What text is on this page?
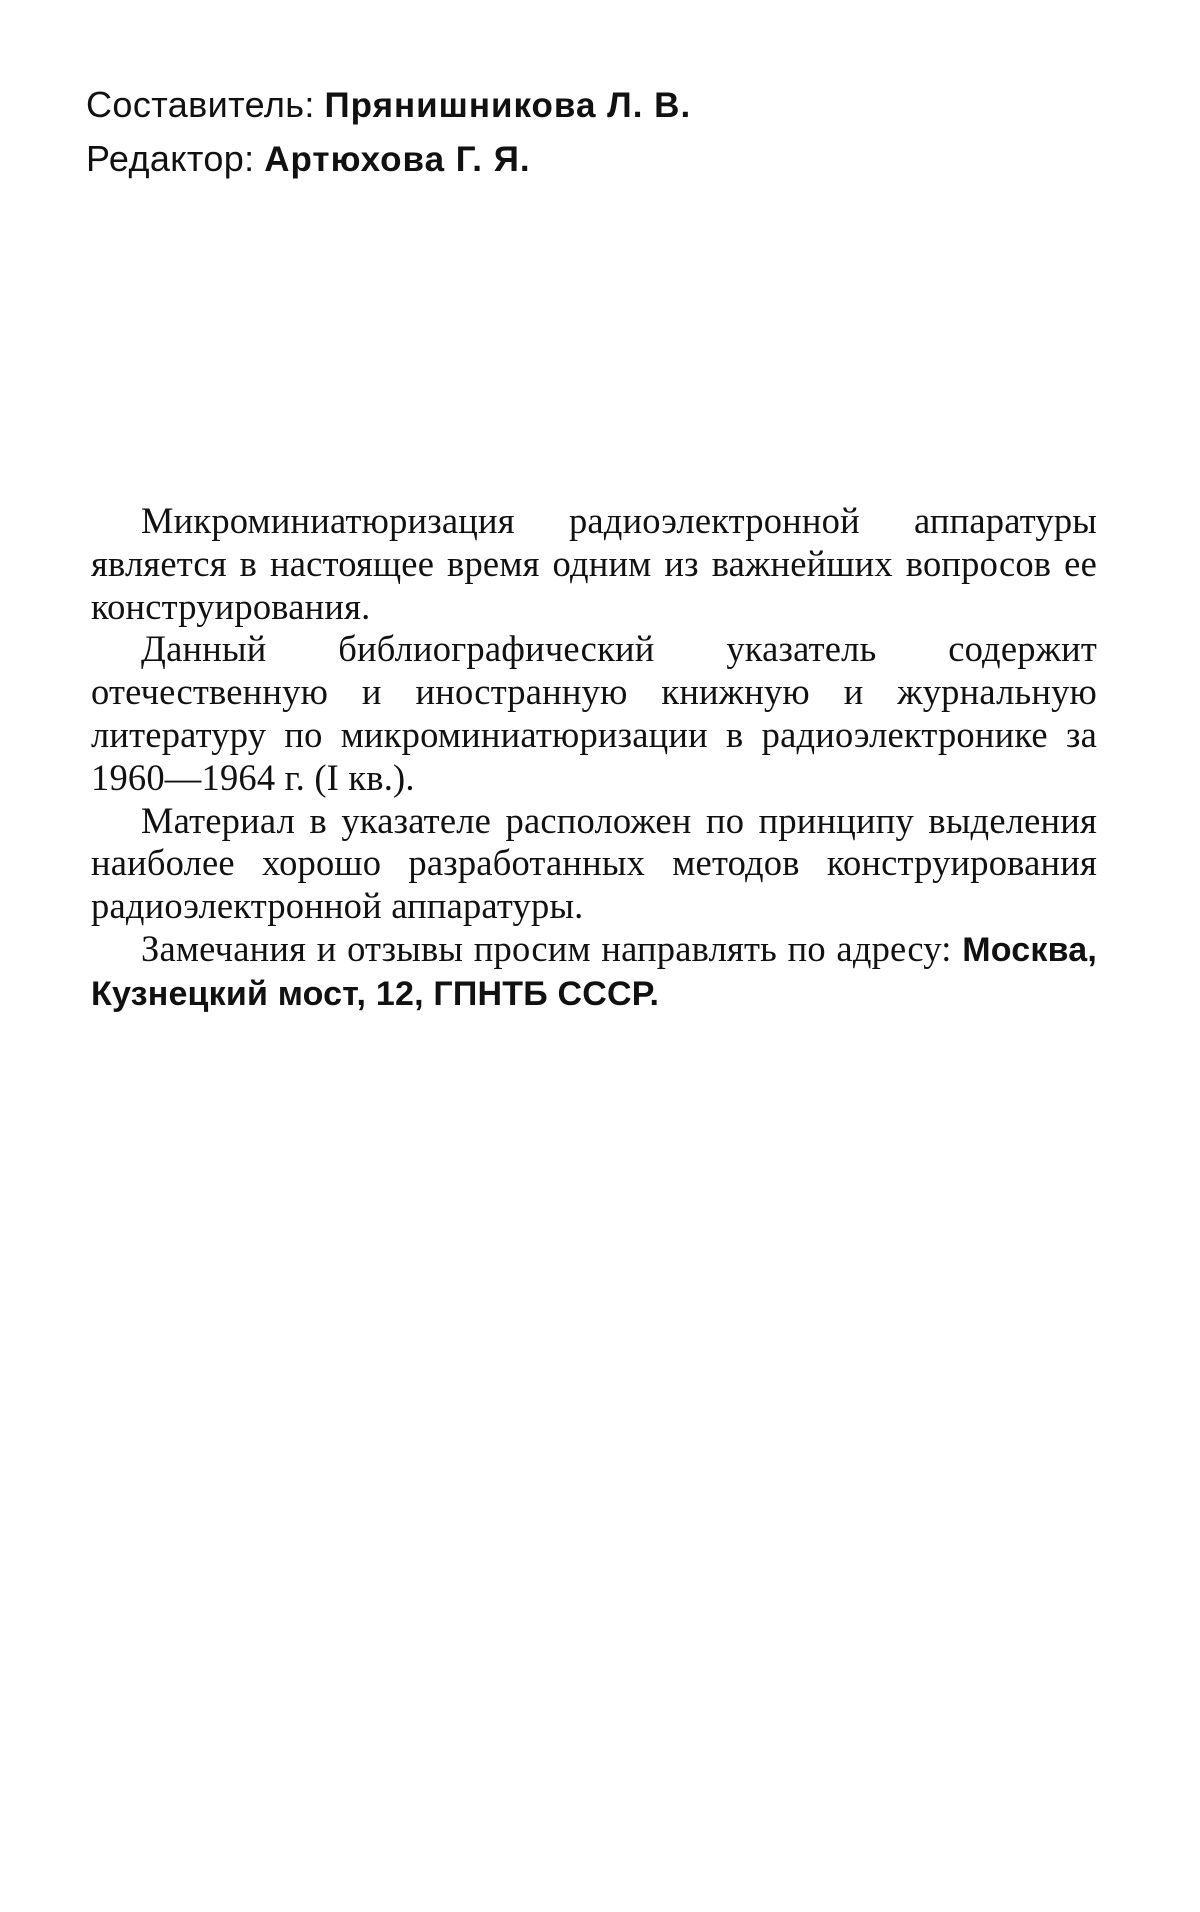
Составитель: Прянишникова Л. В.
Редактор: Артюхова Г. Я.

Микроминиатюризация радиоэлектронной аппаратуры является в настоящее время одним из важнейших вопросов ее конструирования.

Данный библиографический указатель содержит отечественную и иностранную книжную и журнальную литературу по микроминиатюризации в радиоэлектронике за 1960—1964 г. (I кв.).

Материал в указателе расположен по принципу выделения наиболее хорошо разработанных методов конструирования радиоэлектронной аппаратуры.

Замечания и отзывы просим направлять по адресу: Москва, Кузнецкий мост, 12, ГПНТБ СССР.
